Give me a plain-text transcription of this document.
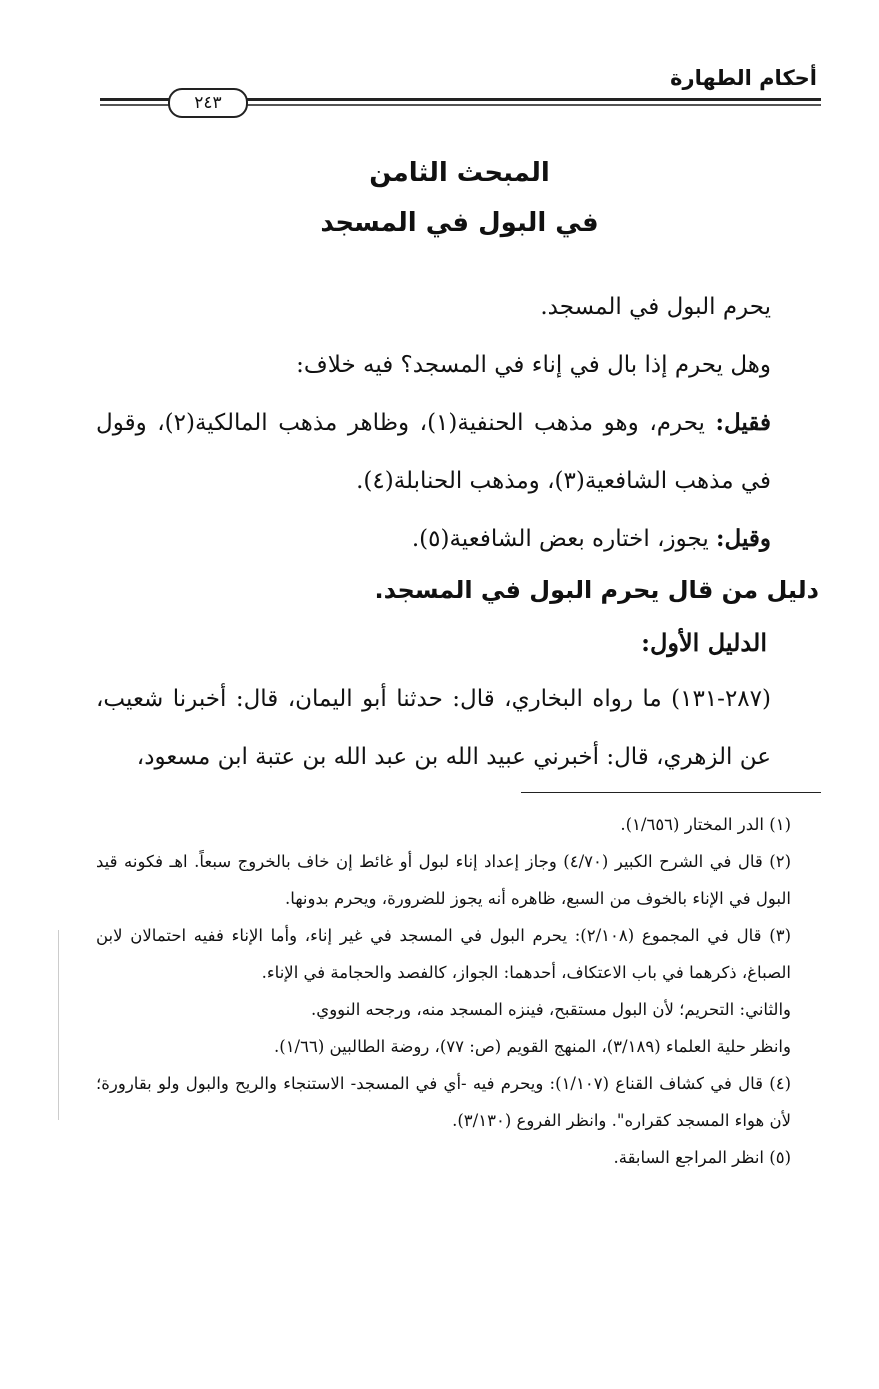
أحكام الطهارة
٢٤٣
المبحث الثامن
في البول في المسجد

يحرم البول في المسجد.

وهل يحرم إذا بال في إناء في المسجد؟ فيه خلاف:

فقيل: يحرم، وهو مذهب الحنفية(١)، وظاهر مذهب المالكية(٢)، وقول في مذهب الشافعية(٣)، ومذهب الحنابلة(٤).

وقيل: يجوز، اختاره بعض الشافعية(٥).

دليل من قال يحرم البول في المسجد.
الدليل الأول:

(٢٨٧-١٣١) ما رواه البخاري، قال: حدثنا أبو اليمان، قال: أخبرنا شعيب، عن الزهري، قال: أخبرني عبيد الله بن عبد الله بن عتبة ابن مسعود،

(١) الدر المختار (١/٦٥٦).

(٢) قال في الشرح الكبير (٤/٧٠) وجاز إعداد إناء لبول أو غائط إن خاف بالخروج سبعاً. اهـ فكونه قيد البول في الإناء بالخوف من السبع، ظاهره أنه يجوز للضرورة، ويحرم بدونها.

(٣) قال في المجموع (٢/١٠٨): يحرم البول في المسجد في غير إناء، وأما الإناء ففيه احتمالان لابن الصباغ، ذكرهما في باب الاعتكاف، أحدهما: الجواز، كالفصد والحجامة في الإناء.

والثاني: التحريم؛ لأن البول مستقبح، فينزه المسجد منه، ورجحه النووي.

وانظر حلية العلماء (٣/١٨٩)، المنهج القويم (ص: ٧٧)، روضة الطالبين (١/٦٦).

(٤) قال في كشاف القناع (١/١٠٧): ويحرم فيه -أي في المسجد- الاستنجاء والريح والبول ولو بقارورة؛ لأن هواء المسجد كقراره". وانظر الفروع (٣/١٣٠).

(٥) انظر المراجع السابقة.
